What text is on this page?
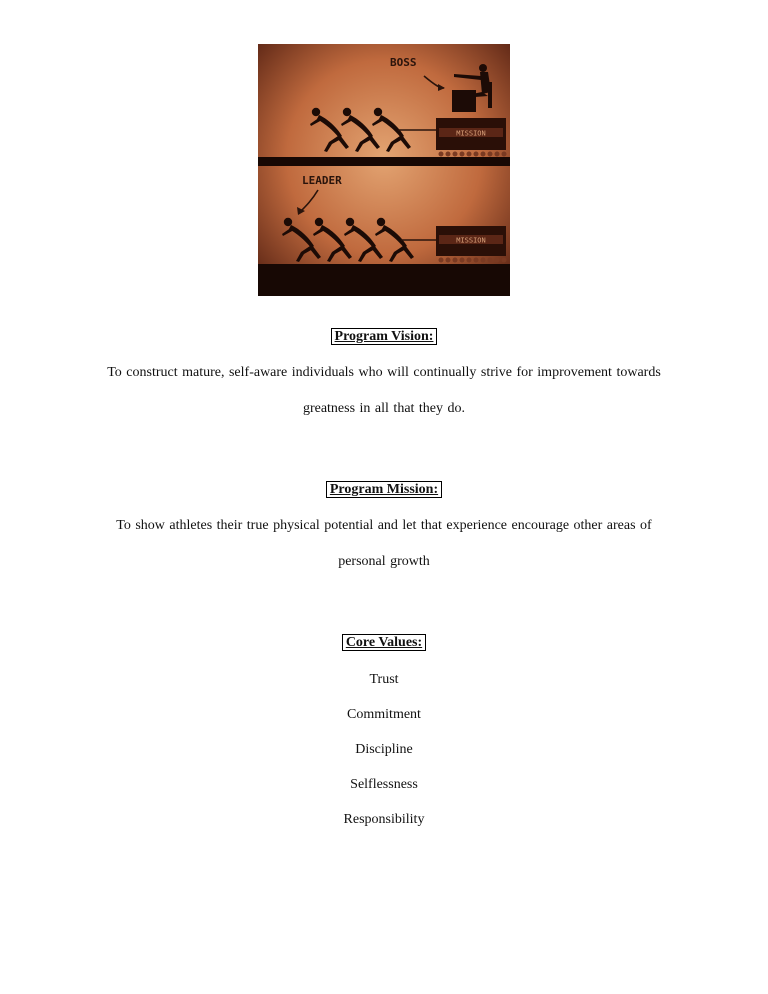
BOSS
MISSION
LEADER
MISSION
Program Vision:
To construct mature, self-aware individuals who will continually strive for improvement towards
greatness in all that they do.
Program Mission:
To show athletes their true physical potential and let that experience encourage other areas of
personal growth
Core Values:
Trust
Commitment
Discipline
Selflessness
Responsibility
